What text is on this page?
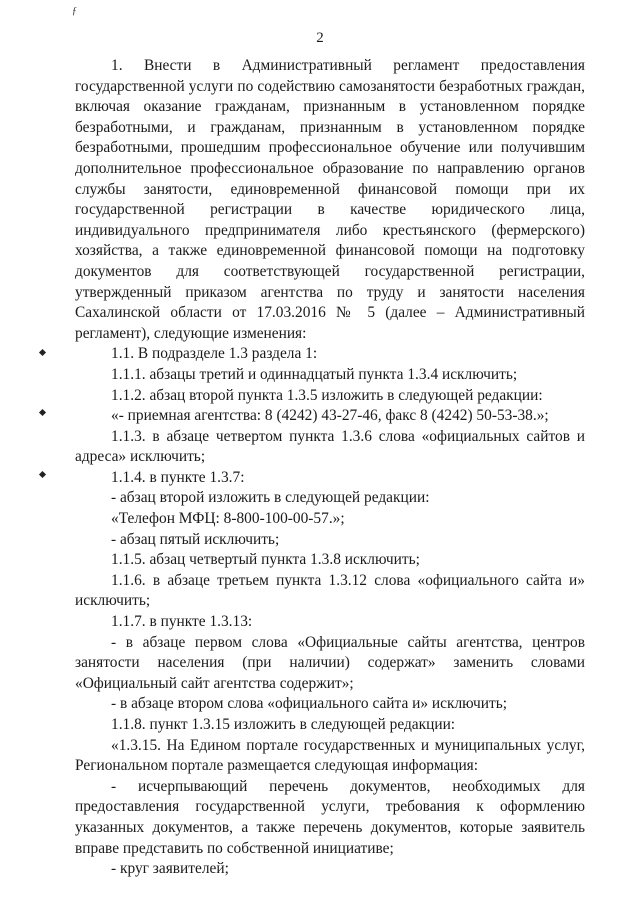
2
ƒ

1. Внести в Административный регламент предоставления государственной услуги по содействию самозанятости безработных граждан, включая оказание гражданам, признанным в установленном порядке безработными, и гражданам, признанным в установленном порядке безработными, прошедшим профессиональное обучение или получившим дополнительное профессиональное образование по направлению органов службы занятости, единовременной финансовой помощи при их государственной регистрации в качестве юридического лица, индивидуального предпринимателя либо крестьянского (фермерского) хозяйства, а также единовременной финансовой помощи на подготовку документов для соответствующей государственной регистрации, утвержденный приказом агентства по труду и занятости населения Сахалинской области от 17.03.2016 № 5 (далее – Административный регламент), следующие изменения:

1.1. В подразделе 1.3 раздела 1:

1.1.1. абзацы третий и одиннадцатый пункта 1.3.4 исключить;

1.1.2. абзац второй пункта 1.3.5 изложить в следующей редакции:

«- приемная агентства: 8 (4242) 43-27-46, факс 8 (4242) 50-53-38.»;

1.1.3. в абзаце четвертом пункта 1.3.6 слова «официальных сайтов и адреса» исключить;

1.1.4. в пункте 1.3.7:

- абзац второй изложить в следующей редакции:

«Телефон МФЦ: 8-800-100-00-57.»;

- абзац пятый исключить;

1.1.5. абзац четвертый пункта 1.3.8 исключить;

1.1.6. в абзаце третьем пункта 1.3.12 слова «официального сайта и» исключить;

1.1.7. в пункте 1.3.13:

- в абзаце первом слова «Официальные сайты агентства, центров занятости населения (при наличии) содержат» заменить словами «Официальный сайт агентства содержит»;

- в абзаце втором слова «официального сайта и» исключить;

1.1.8. пункт 1.3.15 изложить в следующей редакции:

«1.3.15. На Едином портале государственных и муниципальных услуг, Региональном портале размещается следующая информация:

- исчерпывающий перечень документов, необходимых для предоставления государственной услуги, требования к оформлению указанных документов, а также перечень документов, которые заявитель вправе представить по собственной инициативе;

- круг заявителей;
